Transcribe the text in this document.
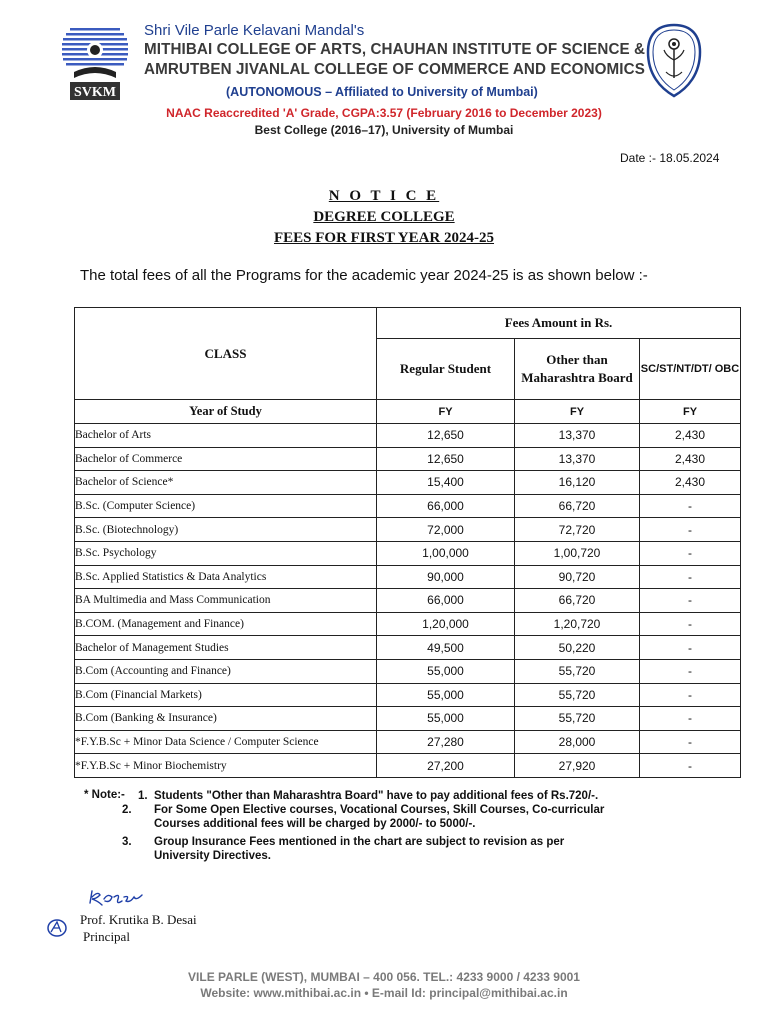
SVKM

Shri Vile Parle Kelavani Mandal's

MITHIBAI COLLEGE OF ARTS, CHAUHAN INSTITUTE OF SCIENCE &

AMRUTBEN JIVANLAL COLLEGE OF COMMERCE AND ECONOMICS

(AUTONOMOUS – Affiliated to University of Mumbai)

NAAC Reaccredited 'A' Grade, CGPA:3.57 (February 2016 to December 2023)
Best College (2016–17), University of Mumbai
Date :- 18.05.2024
N O T I C E
DEGREE COLLEGE
FEES FOR FIRST YEAR 2024-25
The total fees of all the Programs for the academic year 2024-25 is as shown below :-
CLASS	Fees Amount in Rs.		
	Regular Student	Other than Maharashtra Board	SC/ST/NT/DT/ OBC
Year of Study	FY	FY	FY
Bachelor of Arts	12,650	13,370	2,430
Bachelor of Commerce	12,650	13,370	2,430
Bachelor of Science*	15,400	16,120	2,430
B.Sc. (Computer Science)	66,000	66,720	-
B.Sc. (Biotechnology)	72,000	72,720	-
B.Sc. Psychology	1,00,000	1,00,720	-
B.Sc. Applied Statistics & Data Analytics	90,000	90,720	-
BA Multimedia and Mass Communication	66,000	66,720	-
B.COM. (Management and Finance)	1,20,000	1,20,720	-
Bachelor of Management Studies	49,500	50,220	-
B.Com (Accounting and Finance)	55,000	55,720	-
B.Com (Financial Markets)	55,000	55,720	-
B.Com (Banking & Insurance)	55,000	55,720	-
*F.Y.B.Sc + Minor Data Science / Computer Science	27,280	28,000	-
*F.Y.B.Sc + Minor Biochemistry	27,200	27,920	-
* Note:-	1. Students "Other than Maharashtra Board" have to pay additional fees of Rs.720/-.
2. For Some Open Elective courses, Vocational Courses, Skill Courses, Co-curricular Courses additional fees will be charged by 2000/- to 5000/-.
3. Group Insurance Fees mentioned in the chart are subject to revision as per University Directives.
Prof. Krutika B. Desai
Principal
VILE PARLE (WEST), MUMBAI – 400 056. TEL.: 4233 9000 / 4233 9001
Website: www.mithibai.ac.in • E-mail Id: principal@mithibai.ac.in
